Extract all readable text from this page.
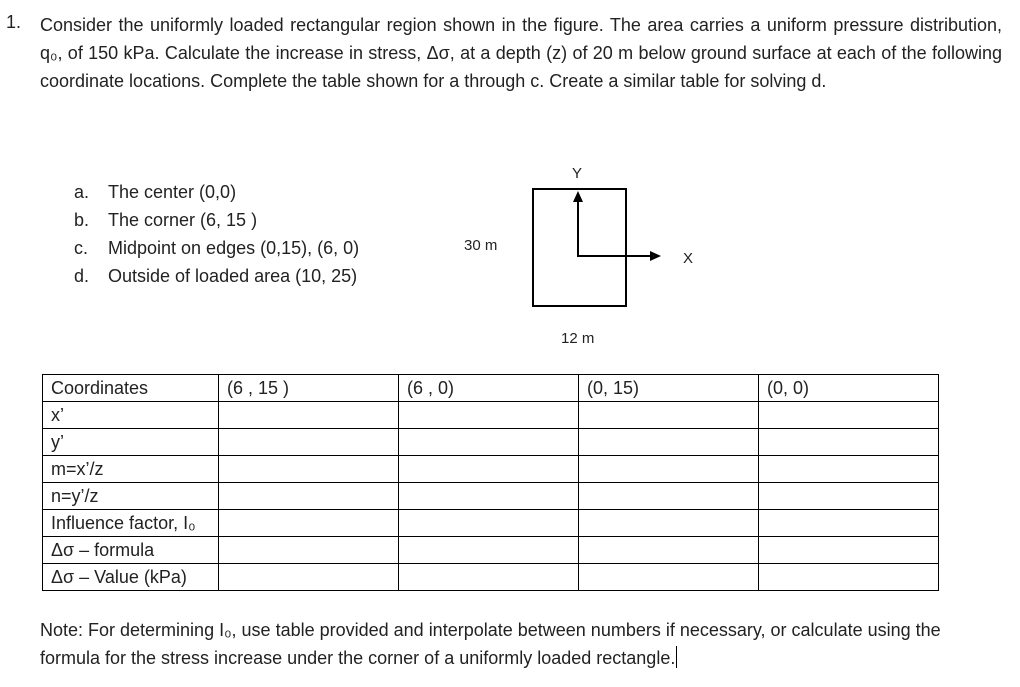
1. Consider the uniformly loaded rectangular region shown in the figure. The area carries a uniform pressure distribution, q₀, of 150 kPa. Calculate the increase in stress, Δσ, at a depth (z) of 20 m below ground surface at each of the following coordinate locations. Complete the table shown for a through c. Create a similar table for solving d.
a.	The center (0,0)
b.	The corner (6, 15 )
c.	Midpoint on edges (0,15), (6, 0)
d.	Outside of loaded area (10, 25)
Y
X
30 m
12 m
Coordinates	(6 , 15 )	(6 , 0)	(0, 15)	(0, 0)
x’				
y’				
m=x’/z				
n=y’/z				
Influence factor, I₀				
Δσ – formula				
Δσ – Value (kPa)				
Note: For determining I₀, use table provided and interpolate between numbers if necessary, or calculate using the formula for the stress increase under the corner of a uniformly loaded rectangle.
